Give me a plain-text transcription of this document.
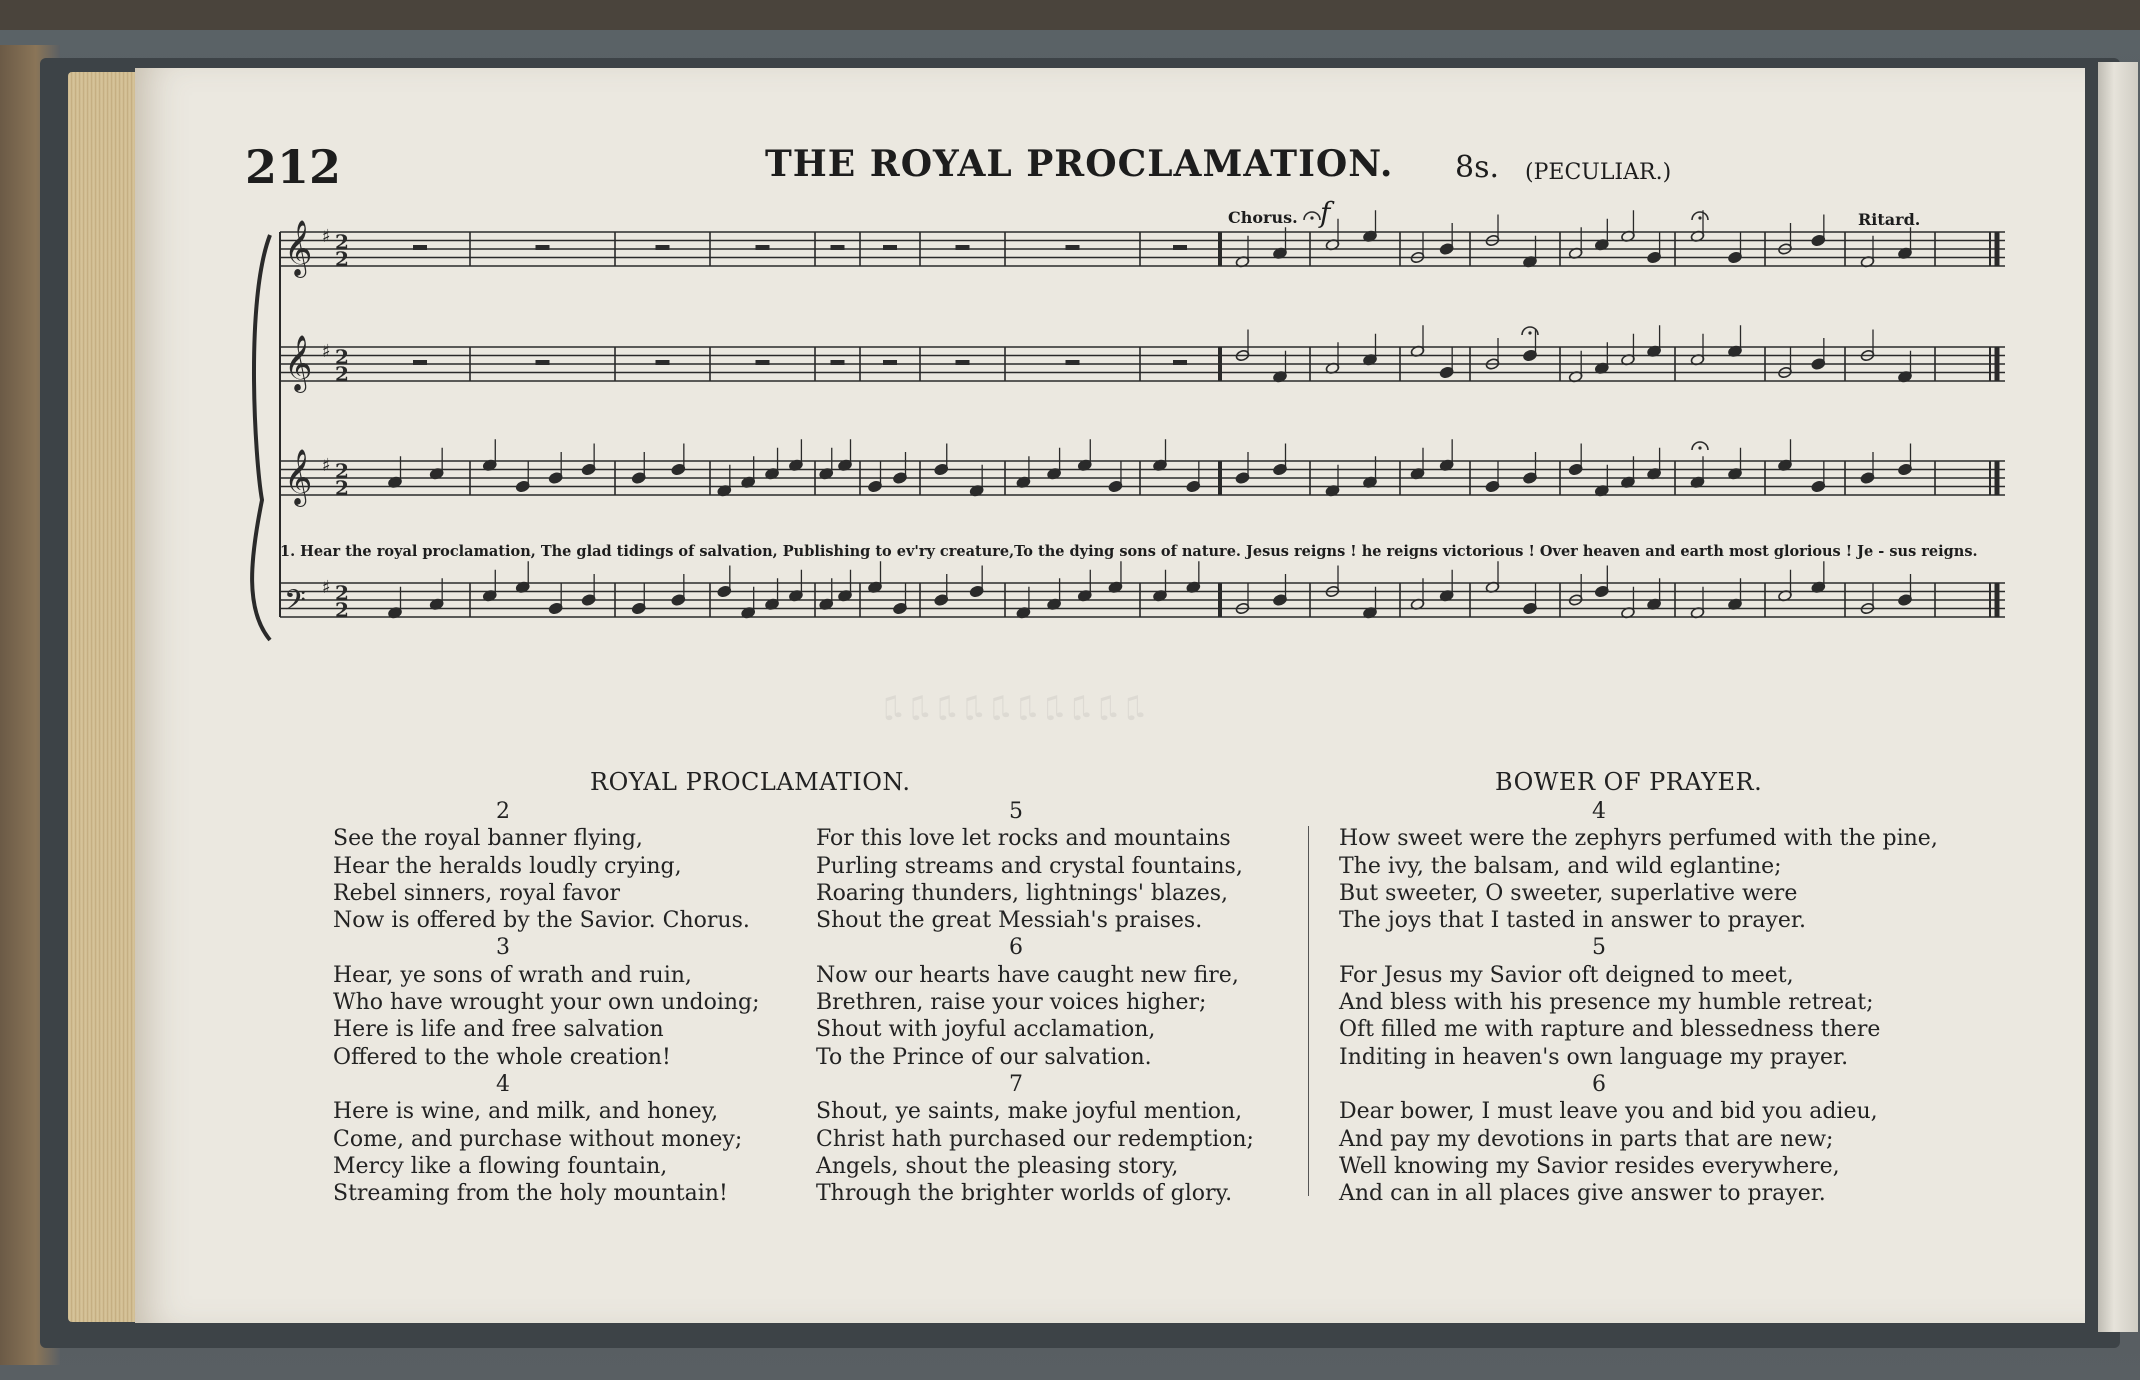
♫♫♫♫♫♫♫♫♫♫
212	THE ROYAL PROCLAMATION. 8s. (PECULIAR.)
Chorus. f	Ritard.
𝄞 2
2
♯
𝄞 2
2
♯
𝄞 2
2
♯
𝄢 2
2
♯
1. Hear the royal proclamation, The glad tidings of salvation, Publishing to ev'ry creature,To the dying sons of nature. Jesus reigns ! he reigns victorious ! Over heaven and earth most glorious ! Je - sus reigns.
ROYAL PROCLAMATION.	BOWER OF PRAYER.
2
See the royal banner flying,
Hear the heralds loudly crying,
Rebel sinners, royal favor
Now is offered by the Savior. Chorus.
3
Hear, ye sons of wrath and ruin,
Who have wrought your own undoing;
Here is life and free salvation
Offered to the whole creation!
4
Here is wine, and milk, and honey,
Come, and purchase without money;
Mercy like a flowing fountain,
Streaming from the holy mountain!
5
For this love let rocks and mountains
Purling streams and crystal fountains,
Roaring thunders, lightnings' blazes,
Shout the great Messiah's praises.
6
Now our hearts have caught new fire,
Brethren, raise your voices higher;
Shout with joyful acclamation,
To the Prince of our salvation.
7
Shout, ye saints, make joyful mention,
Christ hath purchased our redemption;
Angels, shout the pleasing story,
Through the brighter worlds of glory.
4
How sweet were the zephyrs perfumed with the pine,
The ivy, the balsam, and wild eglantine;
But sweeter, O sweeter, superlative were
The joys that I tasted in answer to prayer.
5
For Jesus my Savior oft deigned to meet,
And bless with his presence my humble retreat;
Oft filled me with rapture and blessedness there
Inditing in heaven's own language my prayer.
6
Dear bower, I must leave you and bid you adieu,
And pay my devotions in parts that are new;
Well knowing my Savior resides everywhere,
And can in all places give answer to prayer.
